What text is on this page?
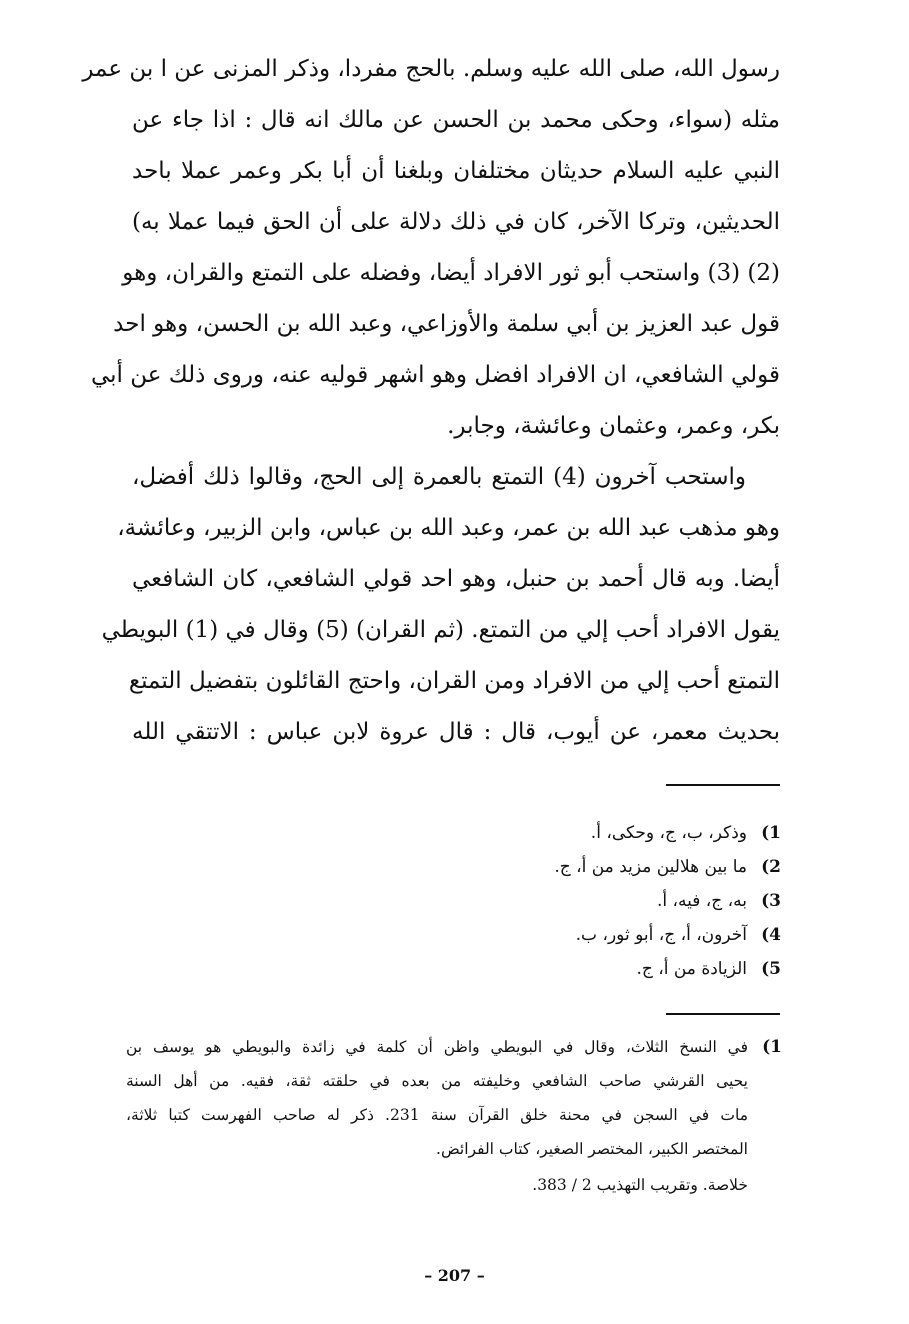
رسول الله، صلى الله عليه وسلم. بالحج مفردا، وذكر المزنى عن ا بن عمر
مثله (سواء، وحكى محمد بن الحسن عن مالك انه قال : اذا جاء عن
النبي عليه السلام حديثان مختلفان وبلغنا أن أبا بكر وعمر عملا باحد
الحديثين، وتركا الآخر، كان في ذلك دلالة على أن الحق فيما عملا به)
(2) (3) واستحب أبو ثور الافراد أيضا، وفضله على التمتع والقران، وهو
قول عبد العزيز بن أبي سلمة والأوزاعي، وعبد الله بن الحسن، وهو احد
قولي الشافعي، ان الافراد افضل وهو اشهر قوليه عنه، وروى ذلك عن أبي
بكر، وعمر، وعثمان وعائشة، وجابر.
واستحب آخرون (4) التمتع بالعمرة إلى الحج، وقالوا ذلك أفضل،
وهو مذهب عبد الله بن عمر، وعبد الله بن عباس، وابن الزبير، وعائشة،
أيضا. وبه قال أحمد بن حنبل، وهو احد قولي الشافعي، كان الشافعي
يقول الافراد أحب إلي من التمتع. (ثم القران) (5) وقال في (1) البويطي
التمتع أحب إلي من الافراد ومن القران، واحتج القائلون بتفضيل التمتع
بحديث معمر، عن أيوب، قال : قال عروة لابن عباس : الاتتقي الله
1)
وذكر، ب، ج، وحكى، أ.
2)
ما بين هلالين مزيد من أ، ج.
3)
به، ج، فيه، أ.
4)
آخرون، أ، ج، أبو ثور، ب.
5)
الزيادة من أ، ج.
1)
في النسخ الثلاث، وقال في البويطي واظن أن كلمة في زائدة والبويطي هو يوسف بن
يحيى القرشي صاحب الشافعي وخليفته من بعده في حلقته ثقة، فقيه. من أهل السنة
مات في السجن في محنة خلق القرآن سنة 231. ذكر له صاحب الفهرست كتبا ثلاثة،
المختصر الكبير، المختصر الصغير، كتاب الفرائض.
خلاصة. وتقريب التهذيب 2 / 383.
– 207 –
